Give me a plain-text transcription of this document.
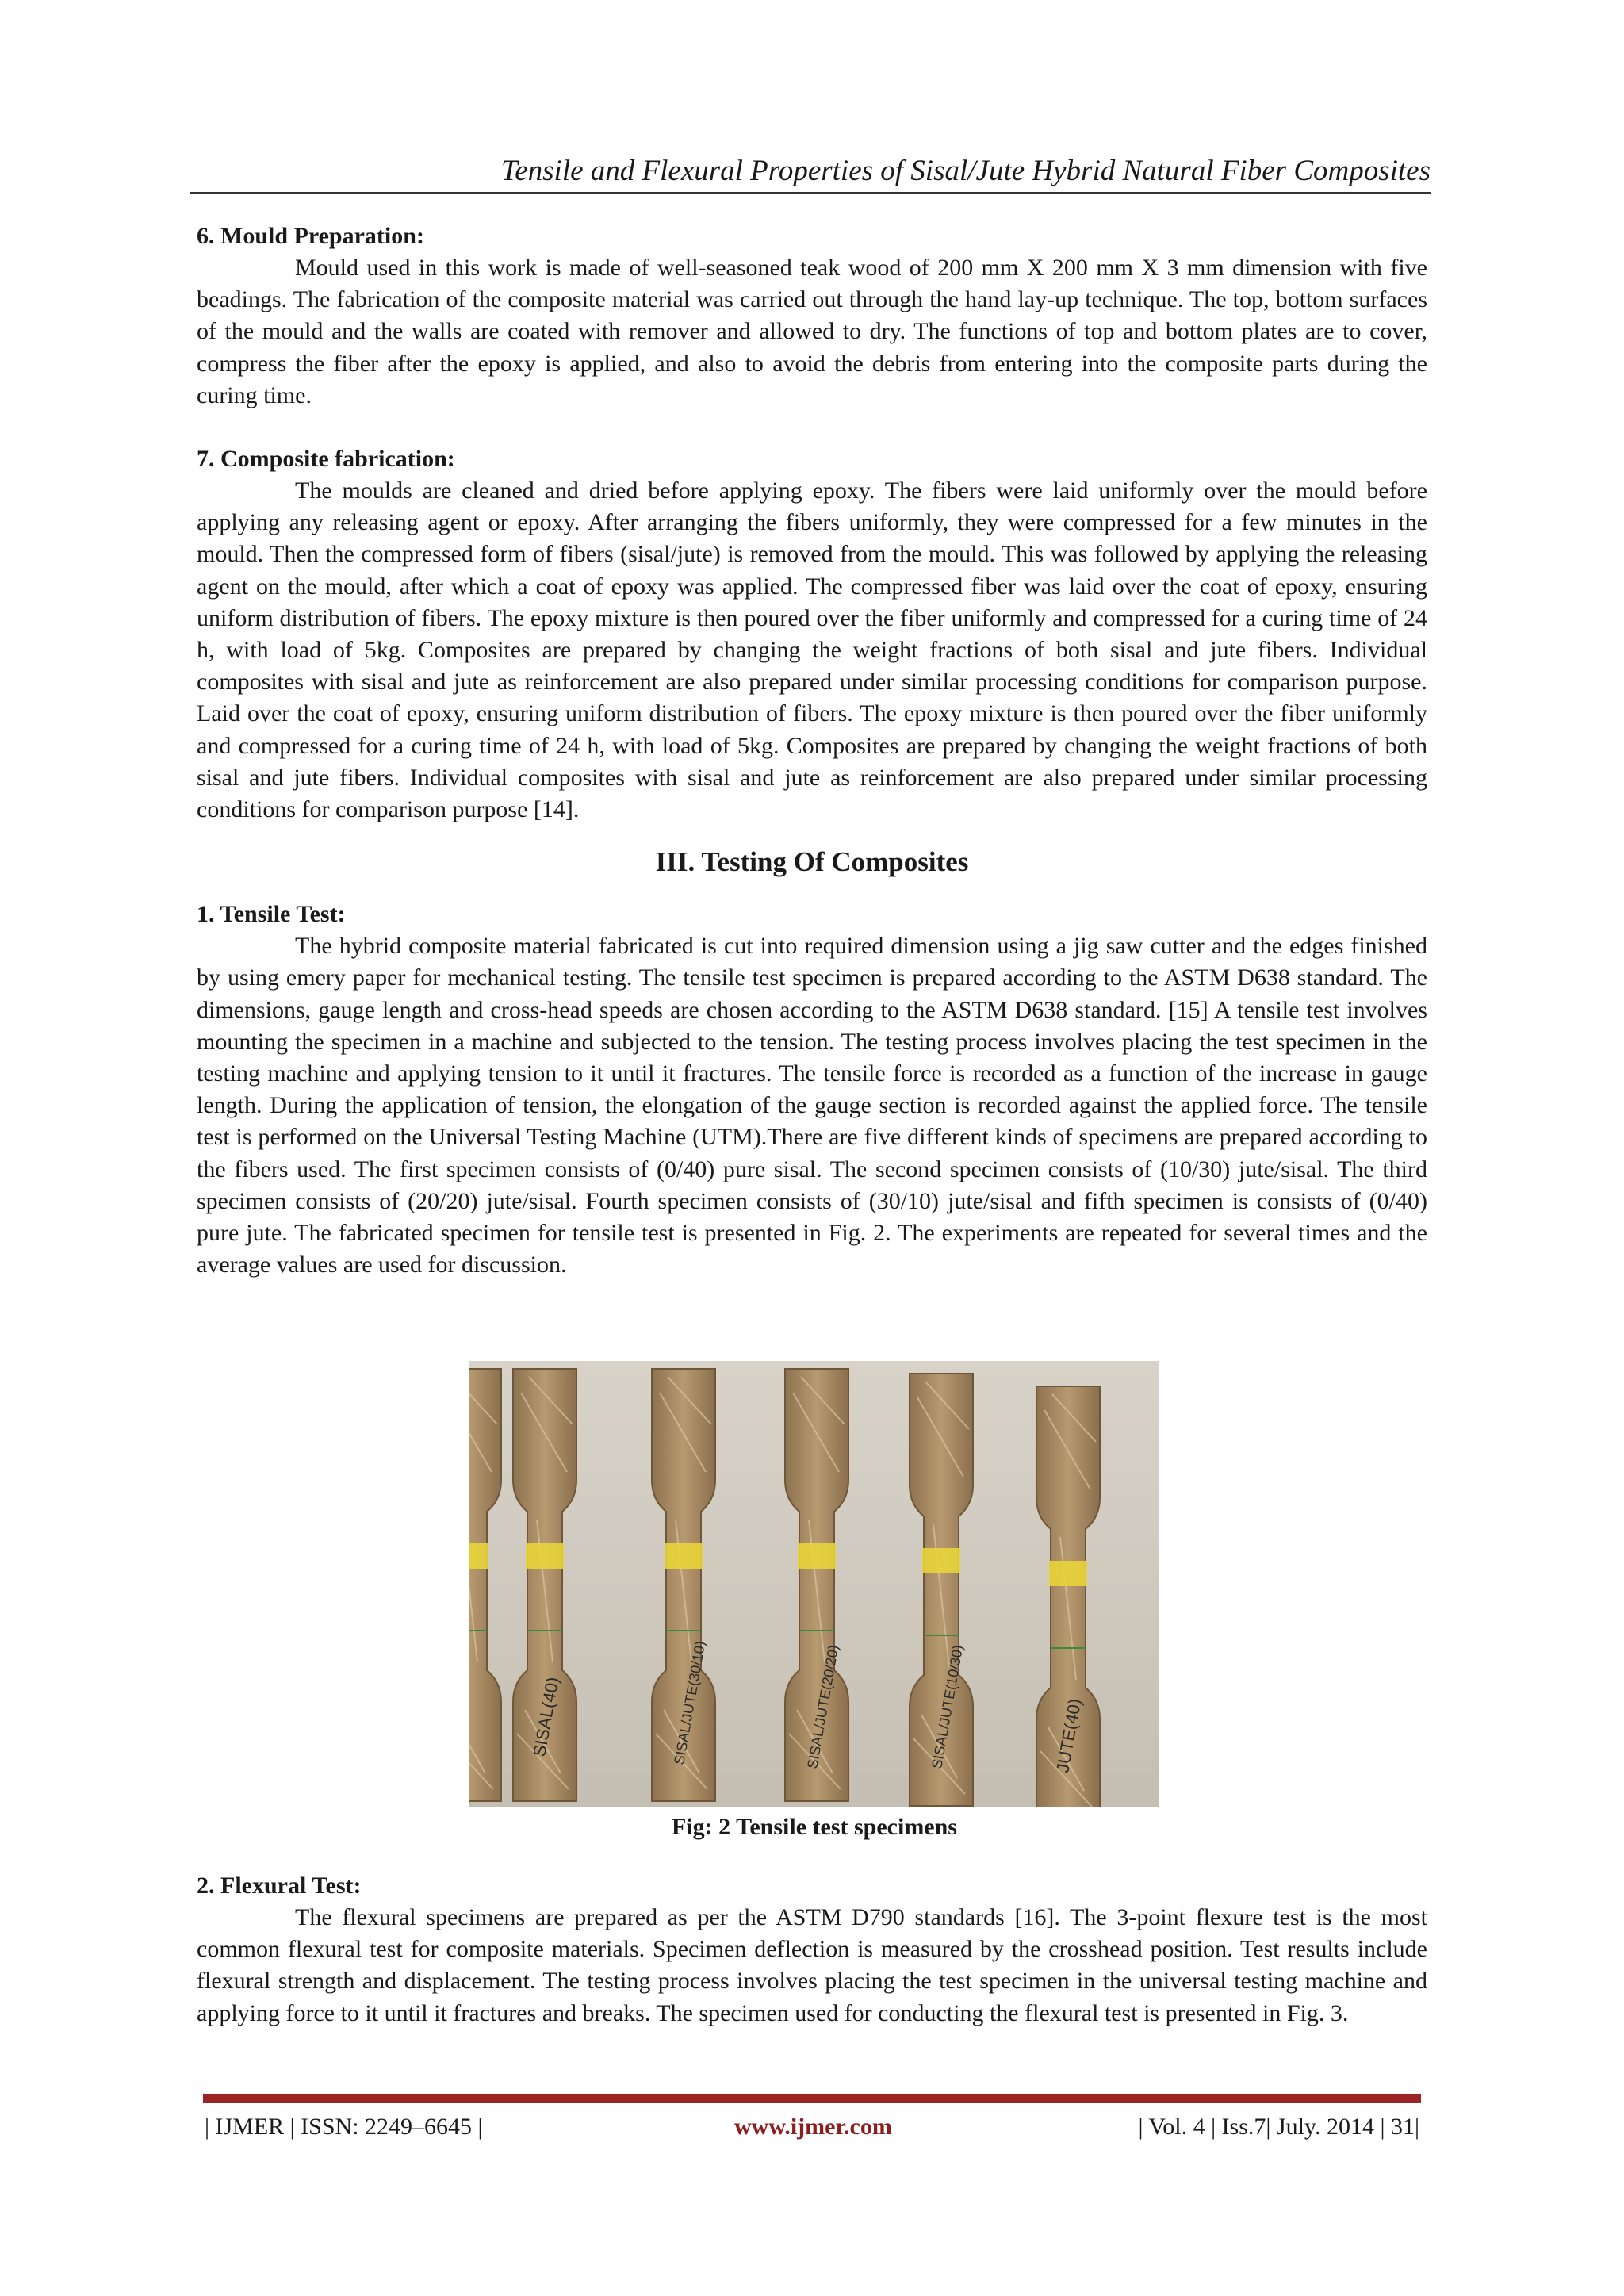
Tensile and Flexural Properties of Sisal/Jute Hybrid Natural Fiber Composites

6. Mould Preparation:

Mould used in this work is made of well-seasoned teak wood of 200 mm X 200 mm X 3 mm dimension with five beadings. The fabrication of the composite material was carried out through the hand lay-up technique. The top, bottom surfaces of the mould and the walls are coated with remover and allowed to dry. The functions of top and bottom plates are to cover, compress the fiber after the epoxy is applied, and also to avoid the debris from entering into the composite parts during the curing time.

7. Composite fabrication:

The moulds are cleaned and dried before applying epoxy. The fibers were laid uniformly over the mould before applying any releasing agent or epoxy. After arranging the fibers uniformly, they were compressed for a few minutes in the mould. Then the compressed form of fibers (sisal/jute) is removed from the mould. This was followed by applying the releasing agent on the mould, after which a coat of epoxy was applied. The compressed fiber was laid over the coat of epoxy, ensuring uniform distribution of fibers. The epoxy mixture is then poured over the fiber uniformly and compressed for a curing time of 24 h, with load of 5kg. Composites are prepared by changing the weight fractions of both sisal and jute fibers. Individual composites with sisal and jute as reinforcement are also prepared under similar processing conditions for comparison purpose. Laid over the coat of epoxy, ensuring uniform distribution of fibers. The epoxy mixture is then poured over the fiber uniformly and compressed for a curing time of 24 h, with load of 5kg. Composites are prepared by changing the weight fractions of both sisal and jute fibers. Individual composites with sisal and jute as reinforcement are also prepared under similar processing conditions for comparison purpose [14].

III. Testing Of Composites

1. Tensile Test:

The hybrid composite material fabricated is cut into required dimension using a jig saw cutter and the edges finished by using emery paper for mechanical testing. The tensile test specimen is prepared according to the ASTM D638 standard. The dimensions, gauge length and cross-head speeds are chosen according to the ASTM D638 standard. [15] A tensile test involves mounting the specimen in a machine and subjected to the tension. The testing process involves placing the test specimen in the testing machine and applying tension to it until it fractures. The tensile force is recorded as a function of the increase in gauge length. During the application of tension, the elongation of the gauge section is recorded against the applied force. The tensile test is performed on the Universal Testing Machine (UTM).There are five different kinds of specimens are prepared according to the fibers used. The first specimen consists of (0/40) pure sisal. The second specimen consists of (10/30) jute/sisal. The third specimen consists of (20/20) jute/sisal. Fourth specimen consists of (30/10) jute/sisal and fifth specimen is consists of (0/40) pure jute. The fabricated specimen for tensile test is presented in Fig. 2. The experiments are repeated for several times and the average values are used for discussion.

SISAL(40)	SISAL/JUTE(30/10)	SISAL/JUTE(20/20)	SISAL/JUTE(10/30)	JUTE(40)
Fig: 2 Tensile test specimens

2. Flexural Test:

The flexural specimens are prepared as per the ASTM D790 standards [16]. The 3-point flexure test is the most common flexural test for composite materials. Specimen deflection is measured by the crosshead position. Test results include flexural strength and displacement. The testing process involves placing the test specimen in the universal testing machine and applying force to it until it fractures and breaks. The specimen used for conducting the flexural test is presented in Fig. 3.

| IJMER | ISSN: 2249–6645 |	www.ijmer.com	| Vol. 4 | Iss.7| July. 2014 | 31|
